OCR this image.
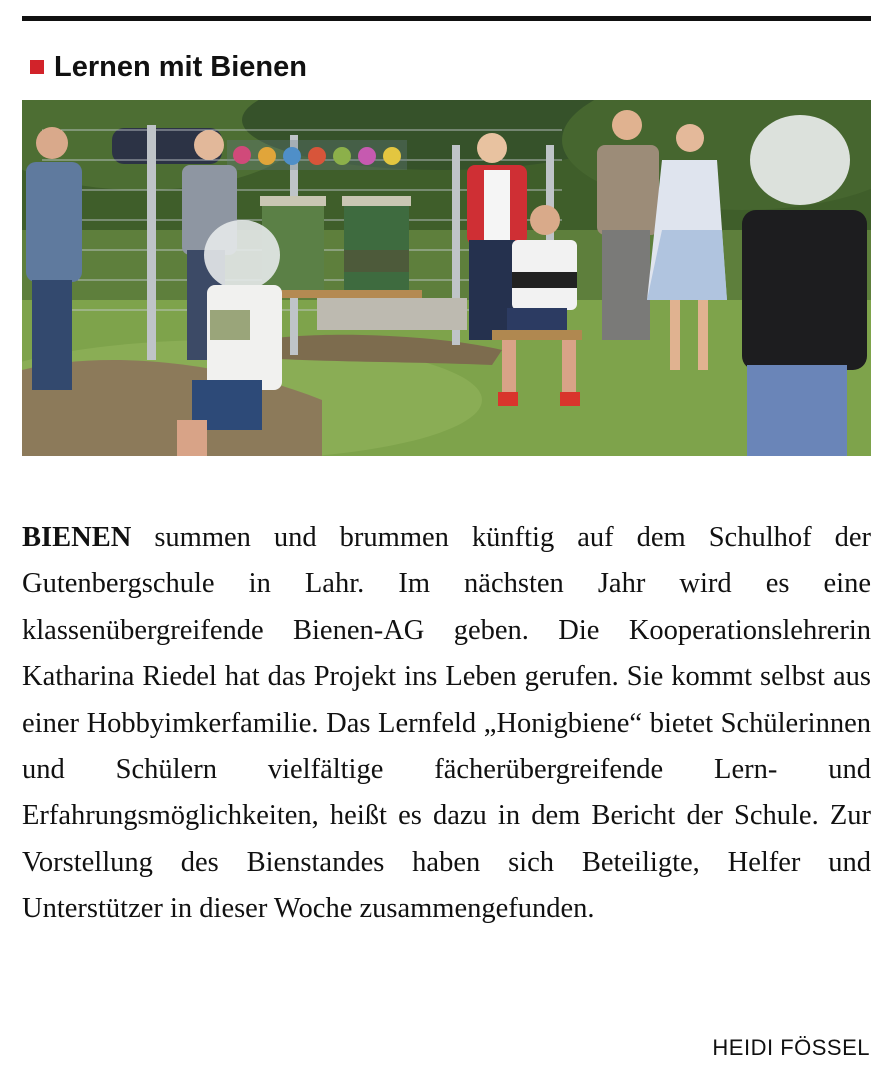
Lernen mit Bienen

BIENEN summen und brummen künftig auf dem Schulhof der Gutenbergschule in Lahr. Im nächsten Jahr wird es eine klassenübergreifende Bienen-AG geben. Die Kooperationslehrerin Katharina Riedel hat das Projekt ins Leben gerufen. Sie kommt selbst aus einer Hobbyimkerfamilie. Das Lernfeld „Honigbiene“ bietet Schülerinnen und Schülern vielfältige fächerübergreifende Lern- und Erfahrungsmöglichkeiten, heißt es dazu in dem Bericht der Schule. Zur Vorstellung des Bienstandes haben sich Beteiligte, Helfer und Unterstützer in dieser Woche zusammengefunden.

HEIDI FÖSSEL
